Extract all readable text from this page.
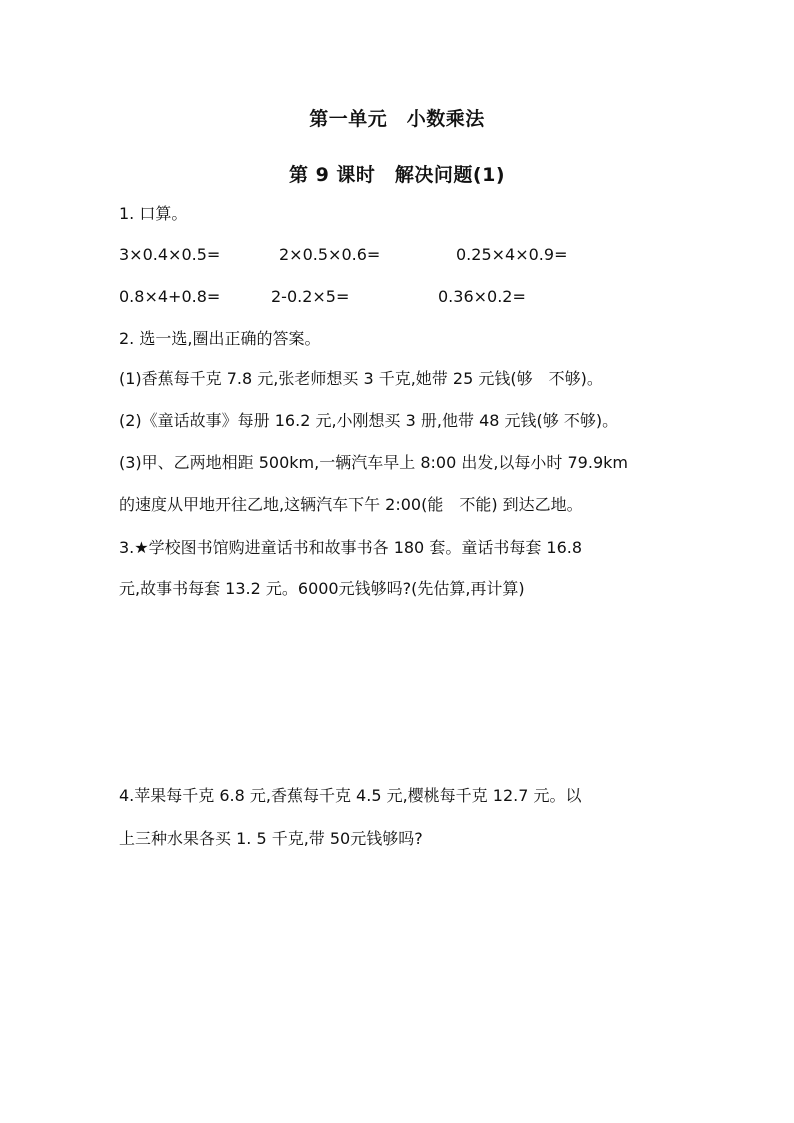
第一单元　小数乘法
第 9 课时　解决问题(1)
1. 口算。
3×0.4×0.5=	2×0.5×0.6=	0.25×4×0.9=
0.8×4+0.8=	2-0.2×5=	0.36×0.2=
2. 选一选,圈出正确的答案。
(1)香蕉每千克 7.8 元,张老师想买 3 千克,她带 25 元钱(够　不够)。
(2)《童话故事》每册 16.2 元,小刚想买 3 册,他带 48 元钱(够 不够)。
(3)甲、乙两地相距 500km,一辆汽车早上 8:00 出发,以每小时 79.9km
的速度从甲地开往乙地,这辆汽车下午 2:00(能　不能) 到达乙地。
3.★学校图书馆购进童话书和故事书各 180 套。童话书每套 16.8
元,故事书每套 13.2 元。6000元钱够吗?(先估算,再计算)
4.苹果每千克 6.8 元,香蕉每千克 4.5 元,樱桃每千克 12.7 元。以
上三种水果各买 1. 5 千克,带 50元钱够吗?
